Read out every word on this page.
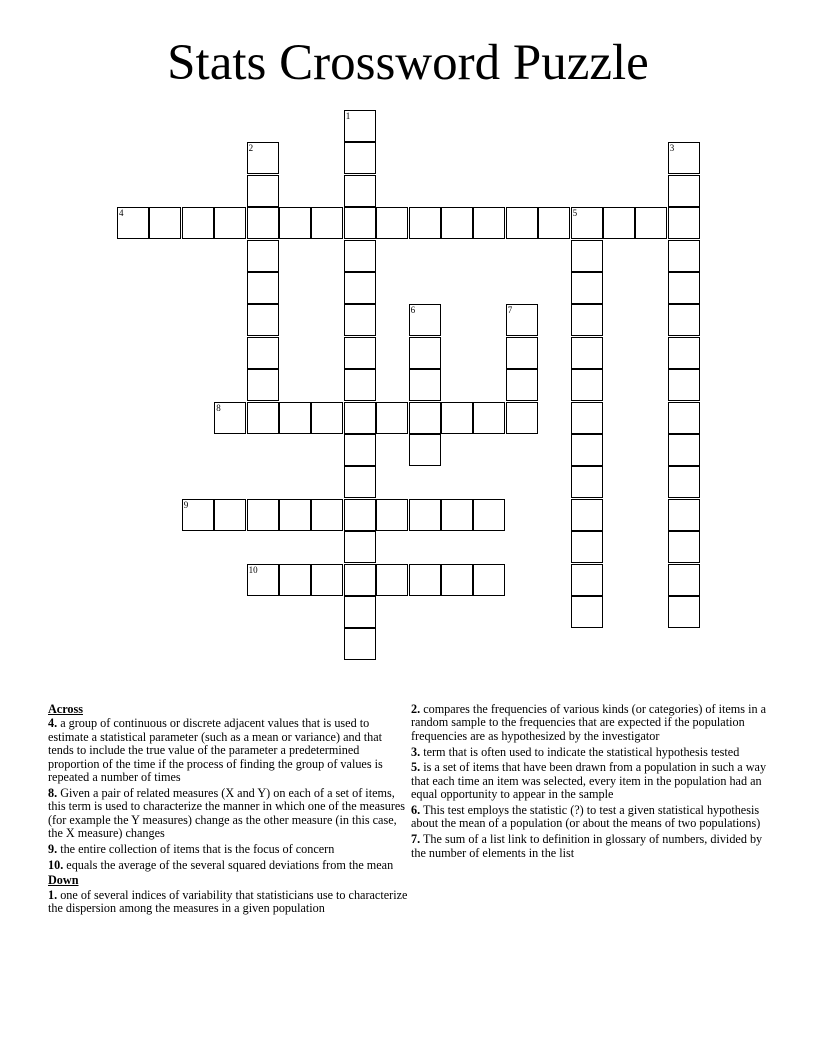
Stats Crossword Puzzle
1
2	3
4	5
6	7
8
9
10
Across
4. a group of continuous or discrete adjacent values that is used to estimate a statistical parameter (such as a mean or variance) and that tends to include the true value of the parameter a predetermined proportion of the time if the process of finding the group of values is repeated a number of times
8. Given a pair of related measures (X and Y) on each of a set of items, this term is used to characterize the manner in which one of the measures (for example the Y measures) change as the other measure (in this case, the X measure) changes
9. the entire collection of items that is the focus of concern
10. equals the average of the several squared deviations from the mean
Down
1. one of several indices of variability that statisticians use to characterize the dispersion among the measures in a given population
2. compares the frequencies of various kinds (or categories) of items in a random sample to the frequencies that are expected if the population frequencies are as hypothesized by the investigator
3. term that is often used to indicate the statistical hypothesis tested
5. is a set of items that have been drawn from a population in such a way that each time an item was selected, every item in the population had an equal opportunity to appear in the sample
6. This test employs the statistic (?) to test a given statistical hypothesis about the mean of a population (or about the means of two populations)
7. The sum of a list link to definition in glossary of numbers, divided by the number of elements in the list
